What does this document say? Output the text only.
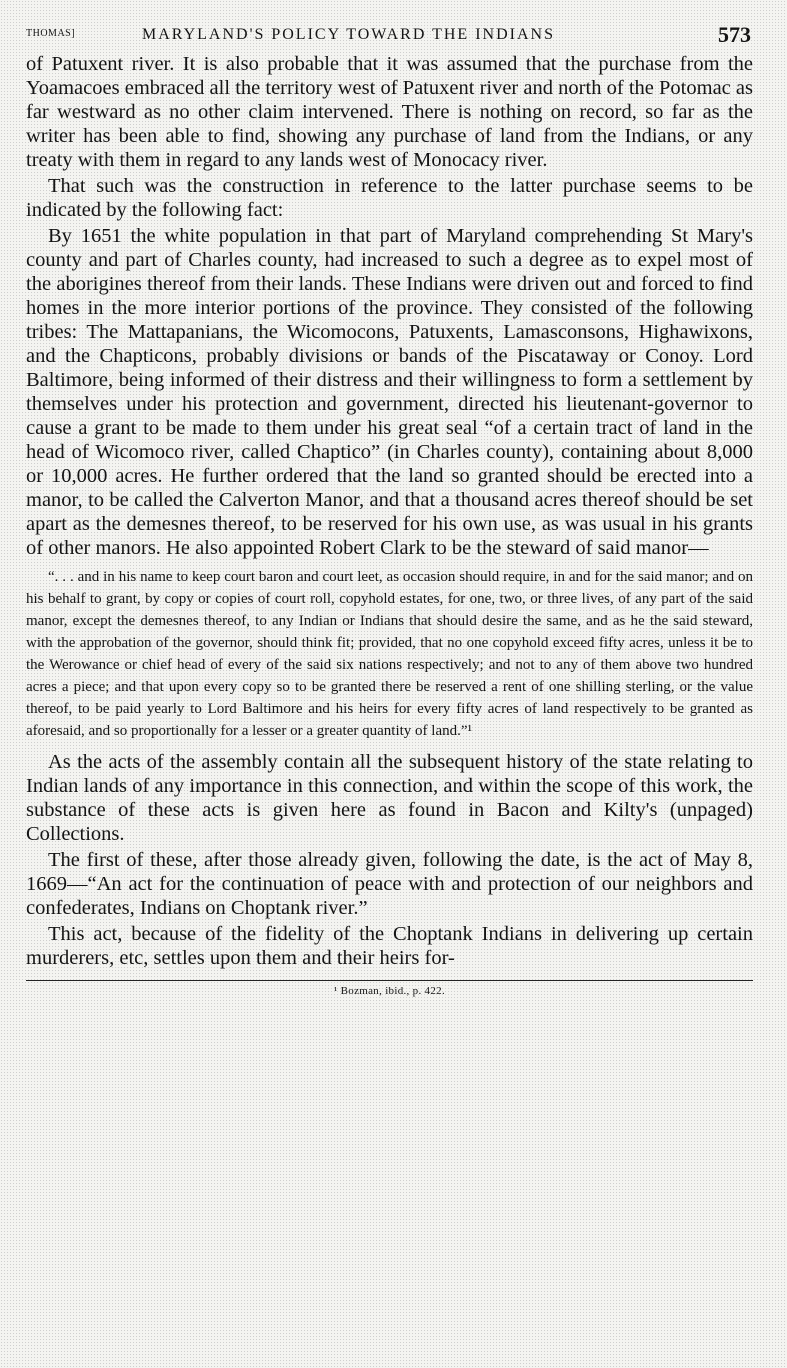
THOMAS]	MARYLAND'S POLICY TOWARD THE INDIANS	573

of Patuxent river. It is also probable that it was assumed that the purchase from the Yoamacoes embraced all the territory west of Patuxent river and north of the Potomac as far westward as no other claim intervened. There is nothing on record, so far as the writer has been able to find, showing any purchase of land from the Indians, or any treaty with them in regard to any lands west of Monocacy river.

That such was the construction in reference to the latter purchase seems to be indicated by the following fact:

By 1651 the white population in that part of Maryland comprehending St Mary's county and part of Charles county, had increased to such a degree as to expel most of the aborigines thereof from their lands. These Indians were driven out and forced to find homes in the more interior portions of the province. They consisted of the following tribes: The Mattapanians, the Wicomocons, Patuxents, Lamasconsons, Highawixons, and the Chapticons, probably divisions or bands of the Piscataway or Conoy. Lord Baltimore, being informed of their distress and their willingness to form a settlement by themselves under his protection and government, directed his lieutenant-governor to cause a grant to be made to them under his great seal “of a certain tract of land in the head of Wicomoco river, called Chaptico” (in Charles county), containing about 8,000 or 10,000 acres. He further ordered that the land so granted should be erected into a manor, to be called the Calverton Manor, and that a thousand acres thereof should be set apart as the demesnes thereof, to be reserved for his own use, as was usual in his grants of other manors. He also appointed Robert Clark to be the steward of said manor—

“. . . and in his name to keep court baron and court leet, as occasion should require, in and for the said manor; and on his behalf to grant, by copy or copies of court roll, copyhold estates, for one, two, or three lives, of any part of the said manor, except the demesnes thereof, to any Indian or Indians that should desire the same, and as he the said steward, with the approbation of the governor, should think fit; provided, that no one copyhold exceed fifty acres, unless it be to the Werowance or chief head of every of the said six nations respectively; and not to any of them above two hundred acres a piece; and that upon every copy so to be granted there be reserved a rent of one shilling sterling, or the value thereof, to be paid yearly to Lord Baltimore and his heirs for every fifty acres of land respectively to be granted as aforesaid, and so proportionally for a lesser or a greater quantity of land.”¹

As the acts of the assembly contain all the subsequent history of the state relating to Indian lands of any importance in this connection, and within the scope of this work, the substance of these acts is given here as found in Bacon and Kilty's (unpaged) Collections.

The first of these, after those already given, following the date, is the act of May 8, 1669—“An act for the continuation of peace with and protection of our neighbors and confederates, Indians on Choptank river.”

This act, because of the fidelity of the Choptank Indians in delivering up certain murderers, etc, settles upon them and their heirs for-

¹ Bozman, ibid., p. 422.
